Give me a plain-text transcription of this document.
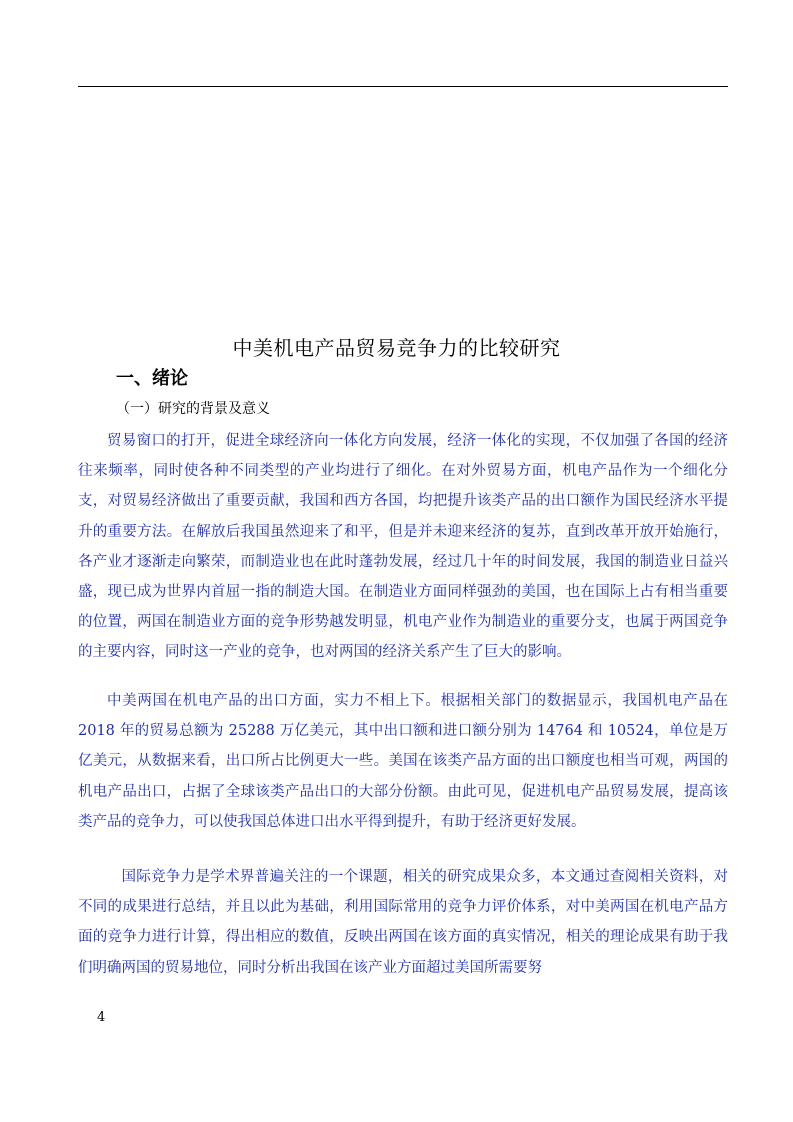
中美机电产品贸易竞争力的比较研究
一、绪论
（一）研究的背景及意义

贸易窗口的打开，促进全球经济向一体化方向发展，经济一体化的实现，不仅加强了各国的经济往来频率，同时使各种不同类型的产业均进行了细化。在对外贸易方面，机电产品作为一个细化分支，对贸易经济做出了重要贡献，我国和西方各国，均把提升该类产品的出口额作为国民经济水平提升的重要方法。在解放后我国虽然迎来了和平，但是并未迎来经济的复苏，直到改革开放开始施行，各产业才逐渐走向繁荣，而制造业也在此时蓬勃发展，经过几十年的时间发展，我国的制造业日益兴盛，现已成为世界内首屈一指的制造大国。在制造业方面同样强劲的美国，也在国际上占有相当重要的位置，两国在制造业方面的竞争形势越发明显，机电产业作为制造业的重要分支，也属于两国竞争的主要内容，同时这一产业的竞争，也对两国的经济关系产生了巨大的影响。

中美两国在机电产品的出口方面，实力不相上下。根据相关部门的数据显示，我国机电产品在 2018 年的贸易总额为 25288 万亿美元，其中出口额和进口额分别为 14764 和 10524，单位是万亿美元，从数据来看，出口所占比例更大一些。美国在该类产品方面的出口额度也相当可观，两国的机电产品出口，占据了全球该类产品出口的大部分份额。由此可见，促进机电产品贸易发展，提高该类产品的竞争力，可以使我国总体进口出水平得到提升，有助于经济更好发展。

国际竞争力是学术界普遍关注的一个课题，相关的研究成果众多，本文通过查阅相关资料，对不同的成果进行总结，并且以此为基础，利用国际常用的竞争力评价体系，对中美两国在机电产品方面的竞争力进行计算，得出相应的数值，反映出两国在该方面的真实情况，相关的理论成果有助于我们明确两国的贸易地位，同时分析出我国在该产业方面超过美国所需要努

4
